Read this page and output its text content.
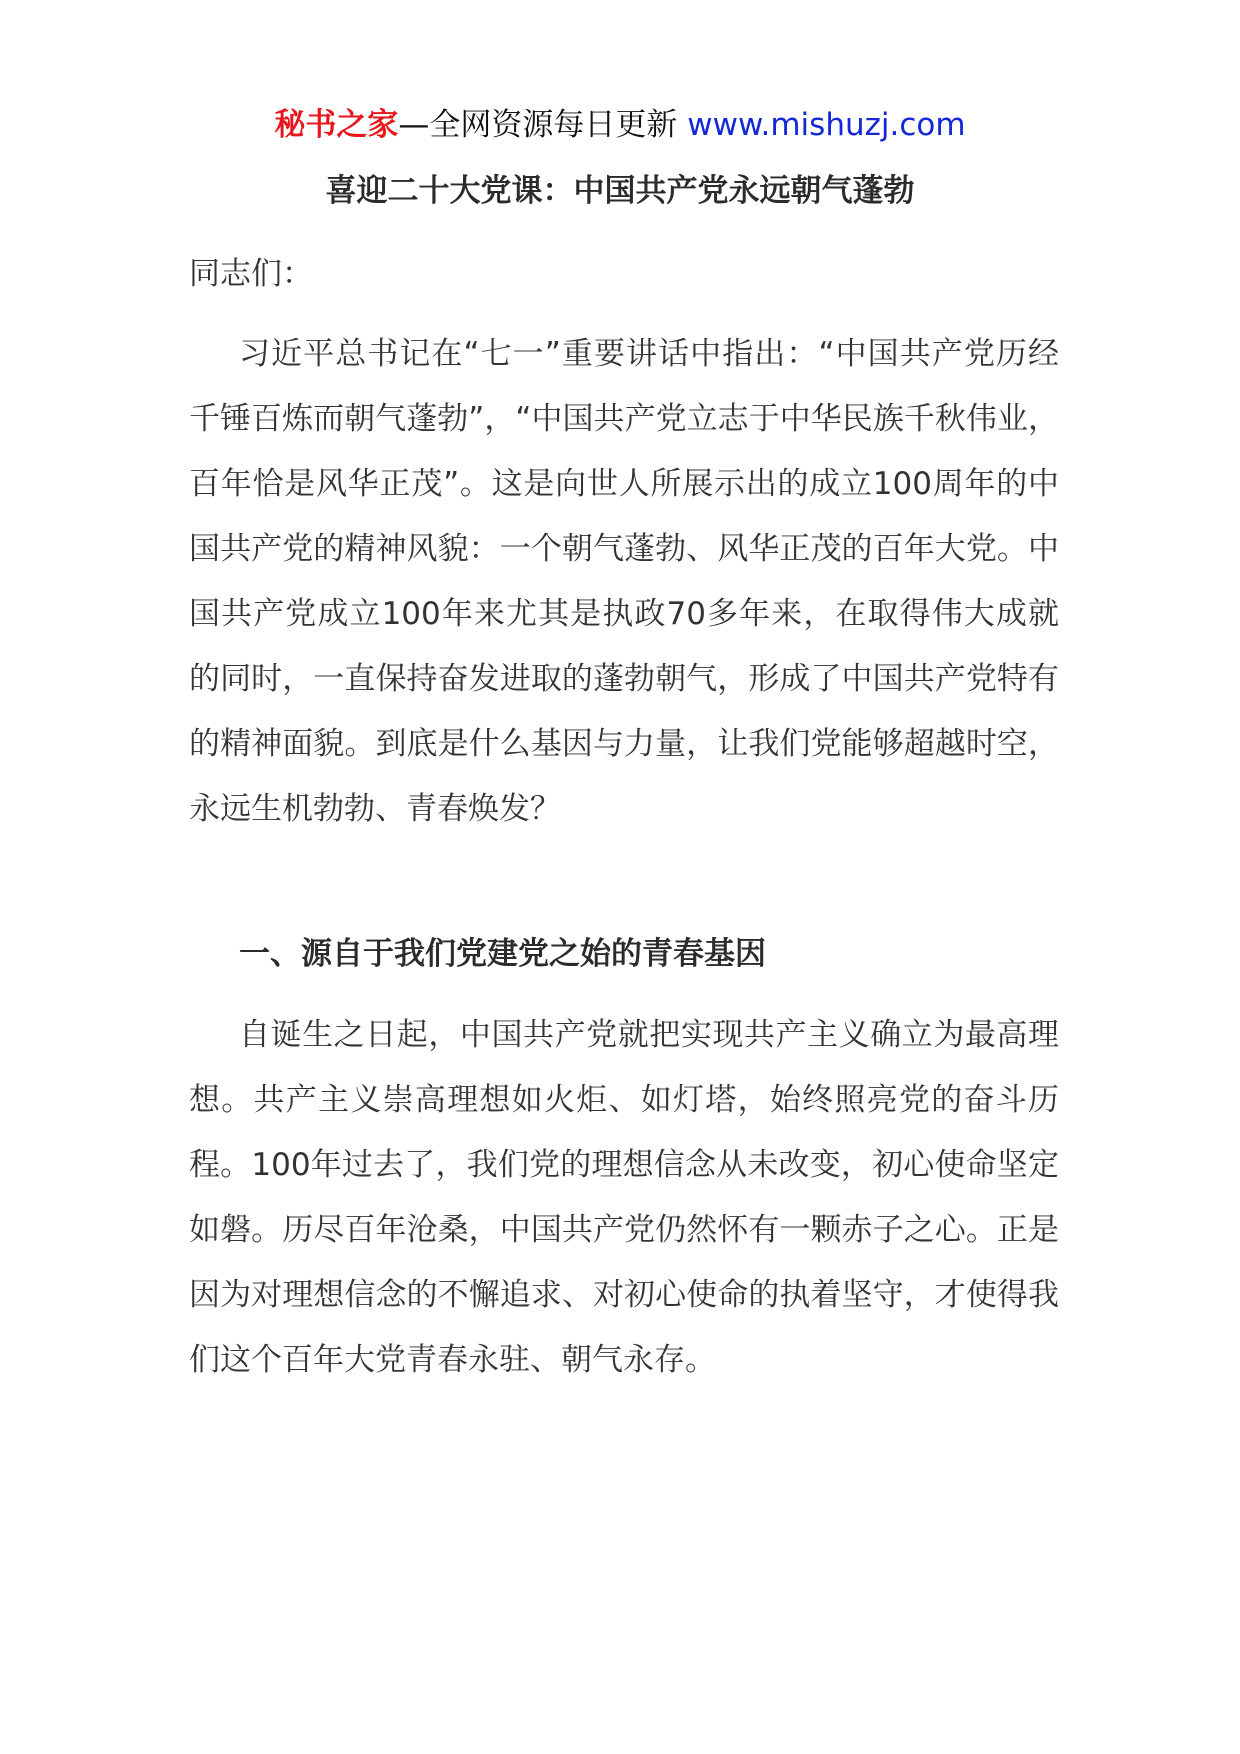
秘书之家—全网资源每日更新 www.mishuzj.com
喜迎二十大党课：中国共产党永远朝气蓬勃

同志们：

习近平总书记在“七一”重要讲话中指出：“中国共产党历经千锤百炼而朝气蓬勃”，“中国共产党立志于中华民族千秋伟业，百年恰是风华正茂”。这是向世人所展示出的成立100周年的中国共产党的精神风貌：一个朝气蓬勃、风华正茂的百年大党。中国共产党成立100年来尤其是执政70多年来，在取得伟大成就的同时，一直保持奋发进取的蓬勃朝气，形成了中国共产党特有的精神面貌。到底是什么基因与力量，让我们党能够超越时空，永远生机勃勃、青春焕发？

一、源自于我们党建党之始的青春基因

自诞生之日起，中国共产党就把实现共产主义确立为最高理想。共产主义崇高理想如火炬、如灯塔，始终照亮党的奋斗历程。100年过去了，我们党的理想信念从未改变，初心使命坚定如磐。历尽百年沧桑，中国共产党仍然怀有一颗赤子之心。正是因为对理想信念的不懈追求、对初心使命的执着坚守，才使得我们这个百年大党青春永驻、朝气永存。
